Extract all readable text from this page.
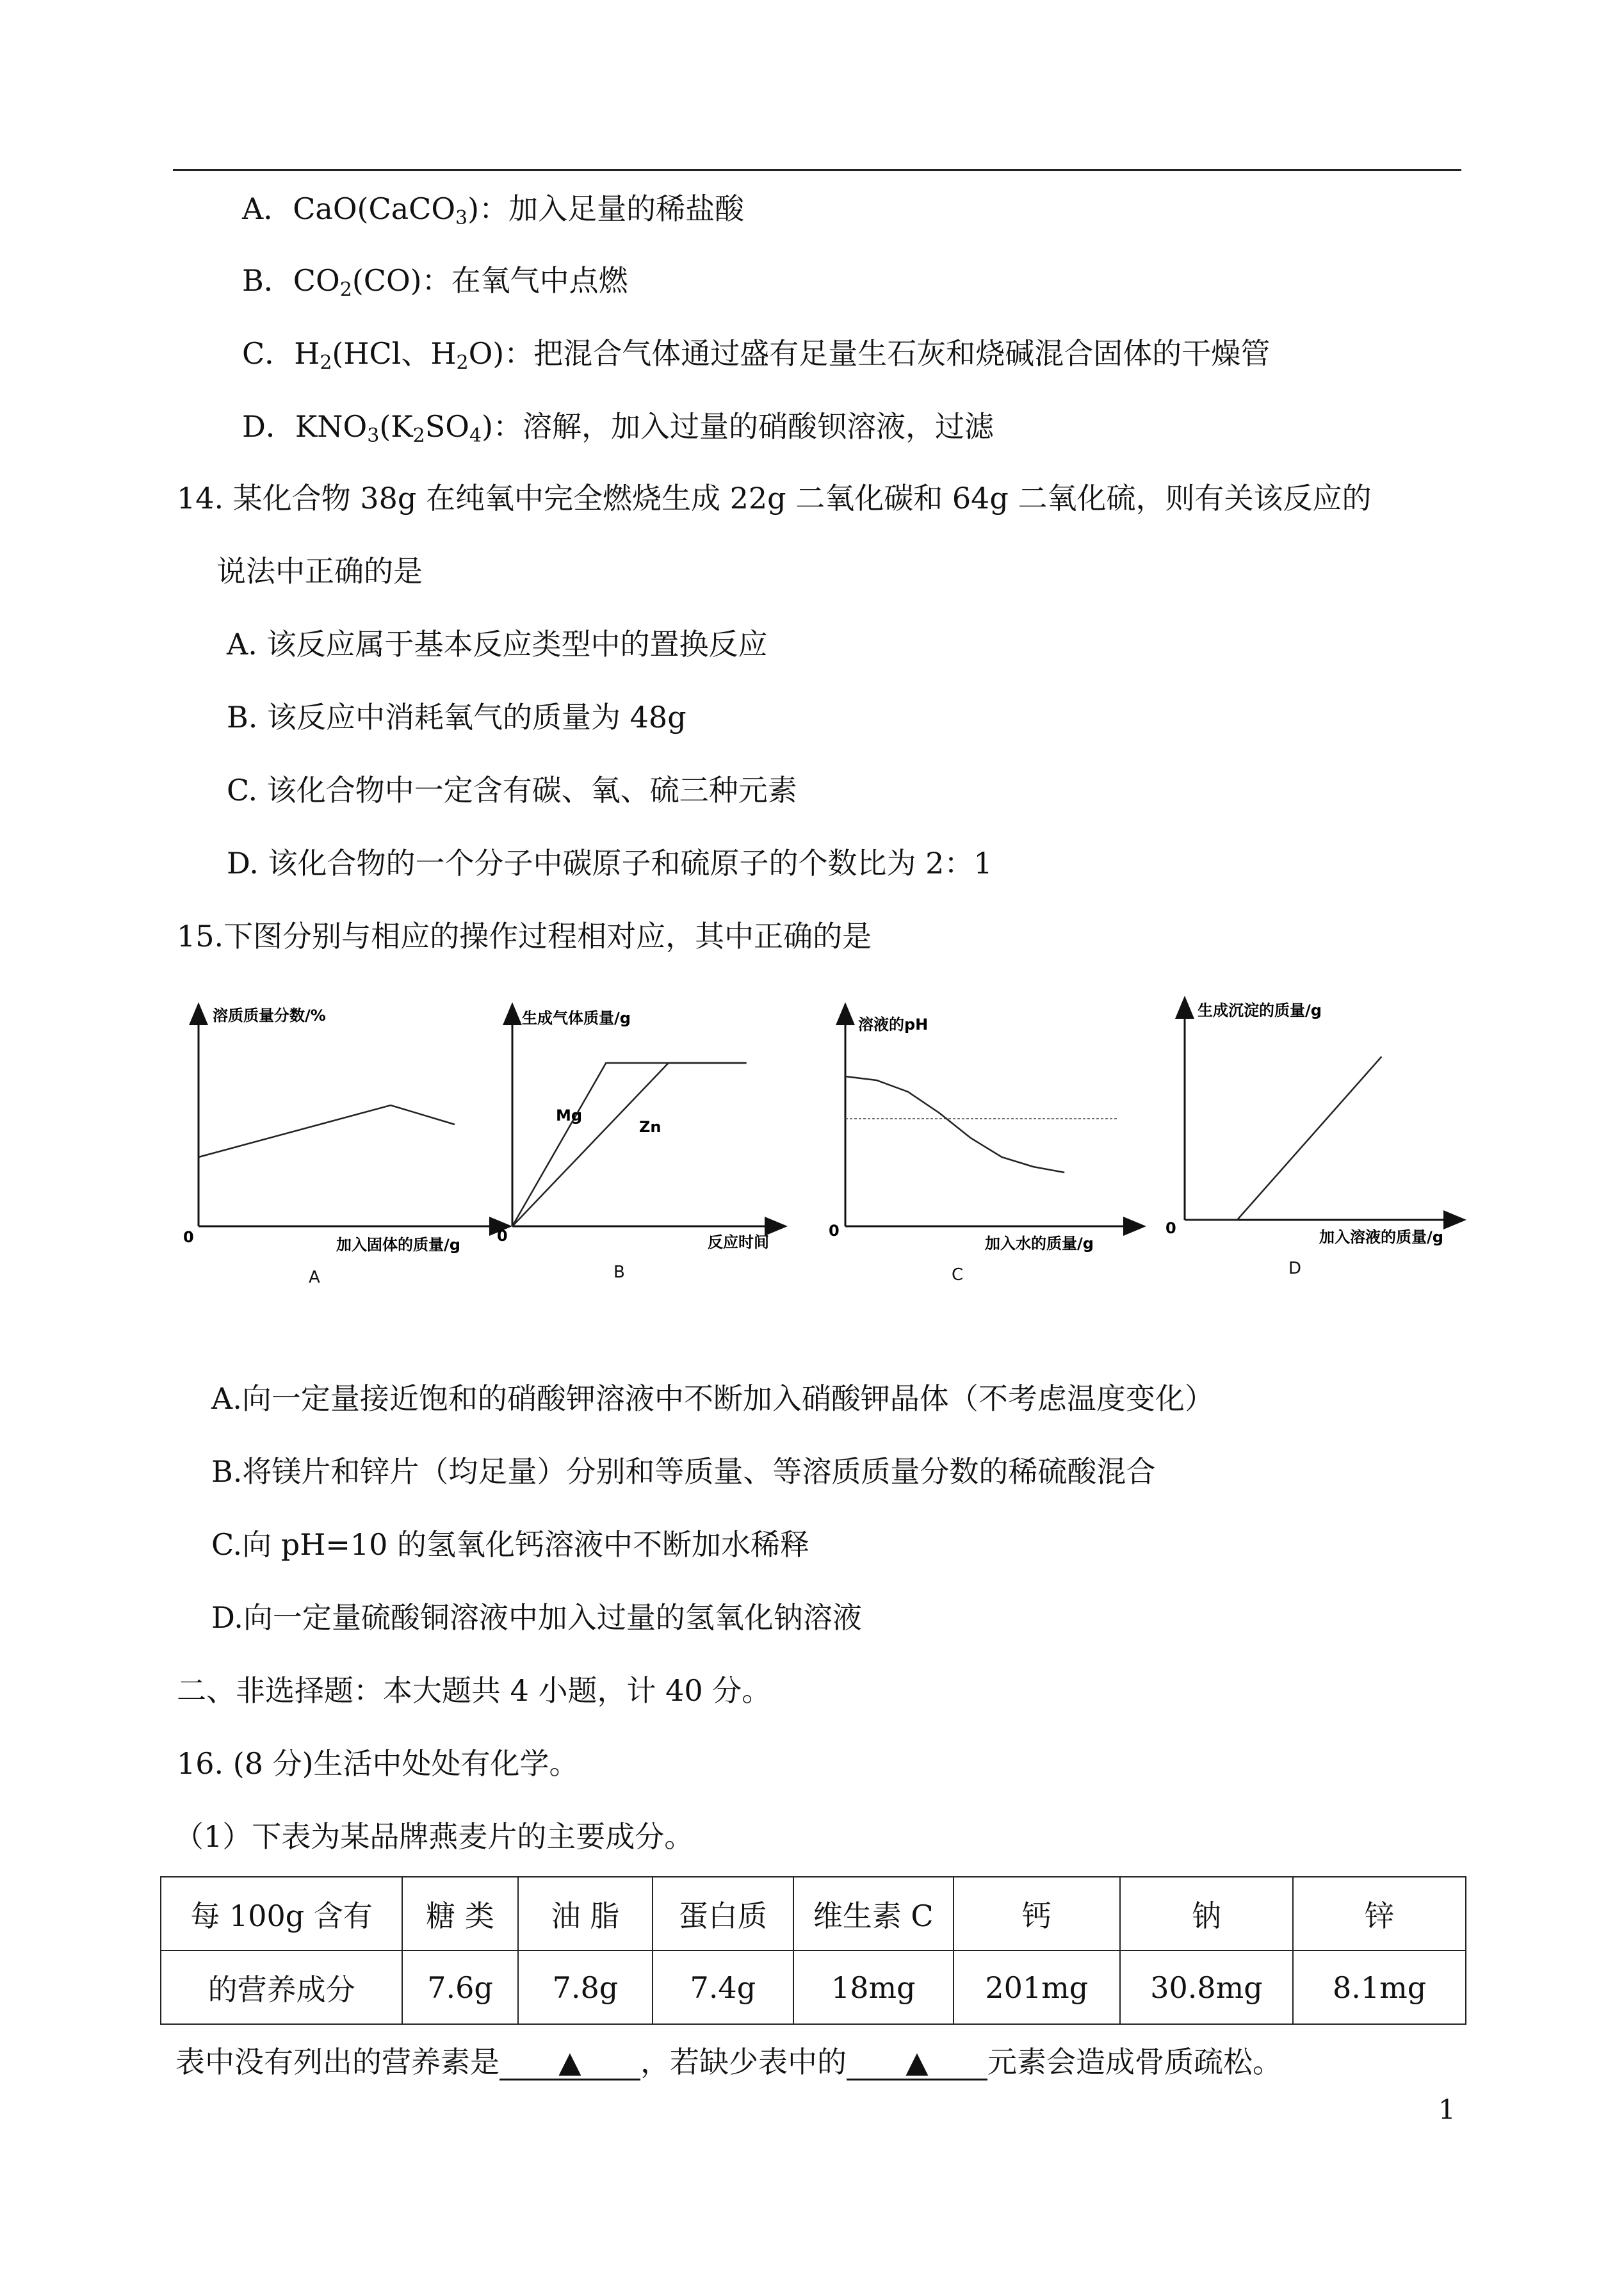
A．CaO(CaCO$_3$)：加入足量的稀盐酸
B．$CO_2(CO)$：在氧气中点燃
C．$H_2(HCl$、$H_2O$)：把混合气体通过盛有足量生石灰和烧碱混合固体的干燥管
D．$KNO_3(K_2SO_4)$：溶解，加入过量的硝酸钡溶液，过滤
14. 某化合物 38g 在纯氧中完全燃烧生成 22g 二氧化碳和 64g 二氧化硫，则有关该反应的
说法中正确的是
A. 该反应属于基本反应类型中的置换反应
B. 该反应中消耗氧气的质量为 48g
C. 该化合物中一定含有碳、氧、硫三种元素
D. 该化合物的一个分子中碳原子和硫原子的个数比为 2：1
15.下图分别与相应的操作过程相对应，其中正确的是
溶质质量分数/%
加入固体的质量/g
0
A
生成气体质量/g
反应时间
0
Mg
Zn
B
溶液的pH
加入水的质量/g
0
C
生成沉淀的质量/g
加入溶液的质量/g
0
D
A.向一定量接近饱和的硝酸钾溶液中不断加入硝酸钾晶体（不考虑温度变化）
B.将镁片和锌片（均足量）分别和等质量、等溶质质量分数的稀硫酸混合
C.向 pH=10 的氢氧化钙溶液中不断加水稀释
D.向一定量硫酸铜溶液中加入过量的氢氧化钠溶液
二、非选择题：本大题共 4 小题，计 40 分。
16. (8 分)生活中处处有化学。
（1）下表为某品牌燕麦片的主要成分。
每 100g 含有	糖 类	油 脂	蛋白质	维生素 C	钙	钠	锌
的营养成分	7.6g	7.8g	7.4g	18mg	201mg	30.8mg	8.1mg
表中没有列出的营养素是 ▲ ，若缺少表中的 ▲ 元素会造成骨质疏松。
1
